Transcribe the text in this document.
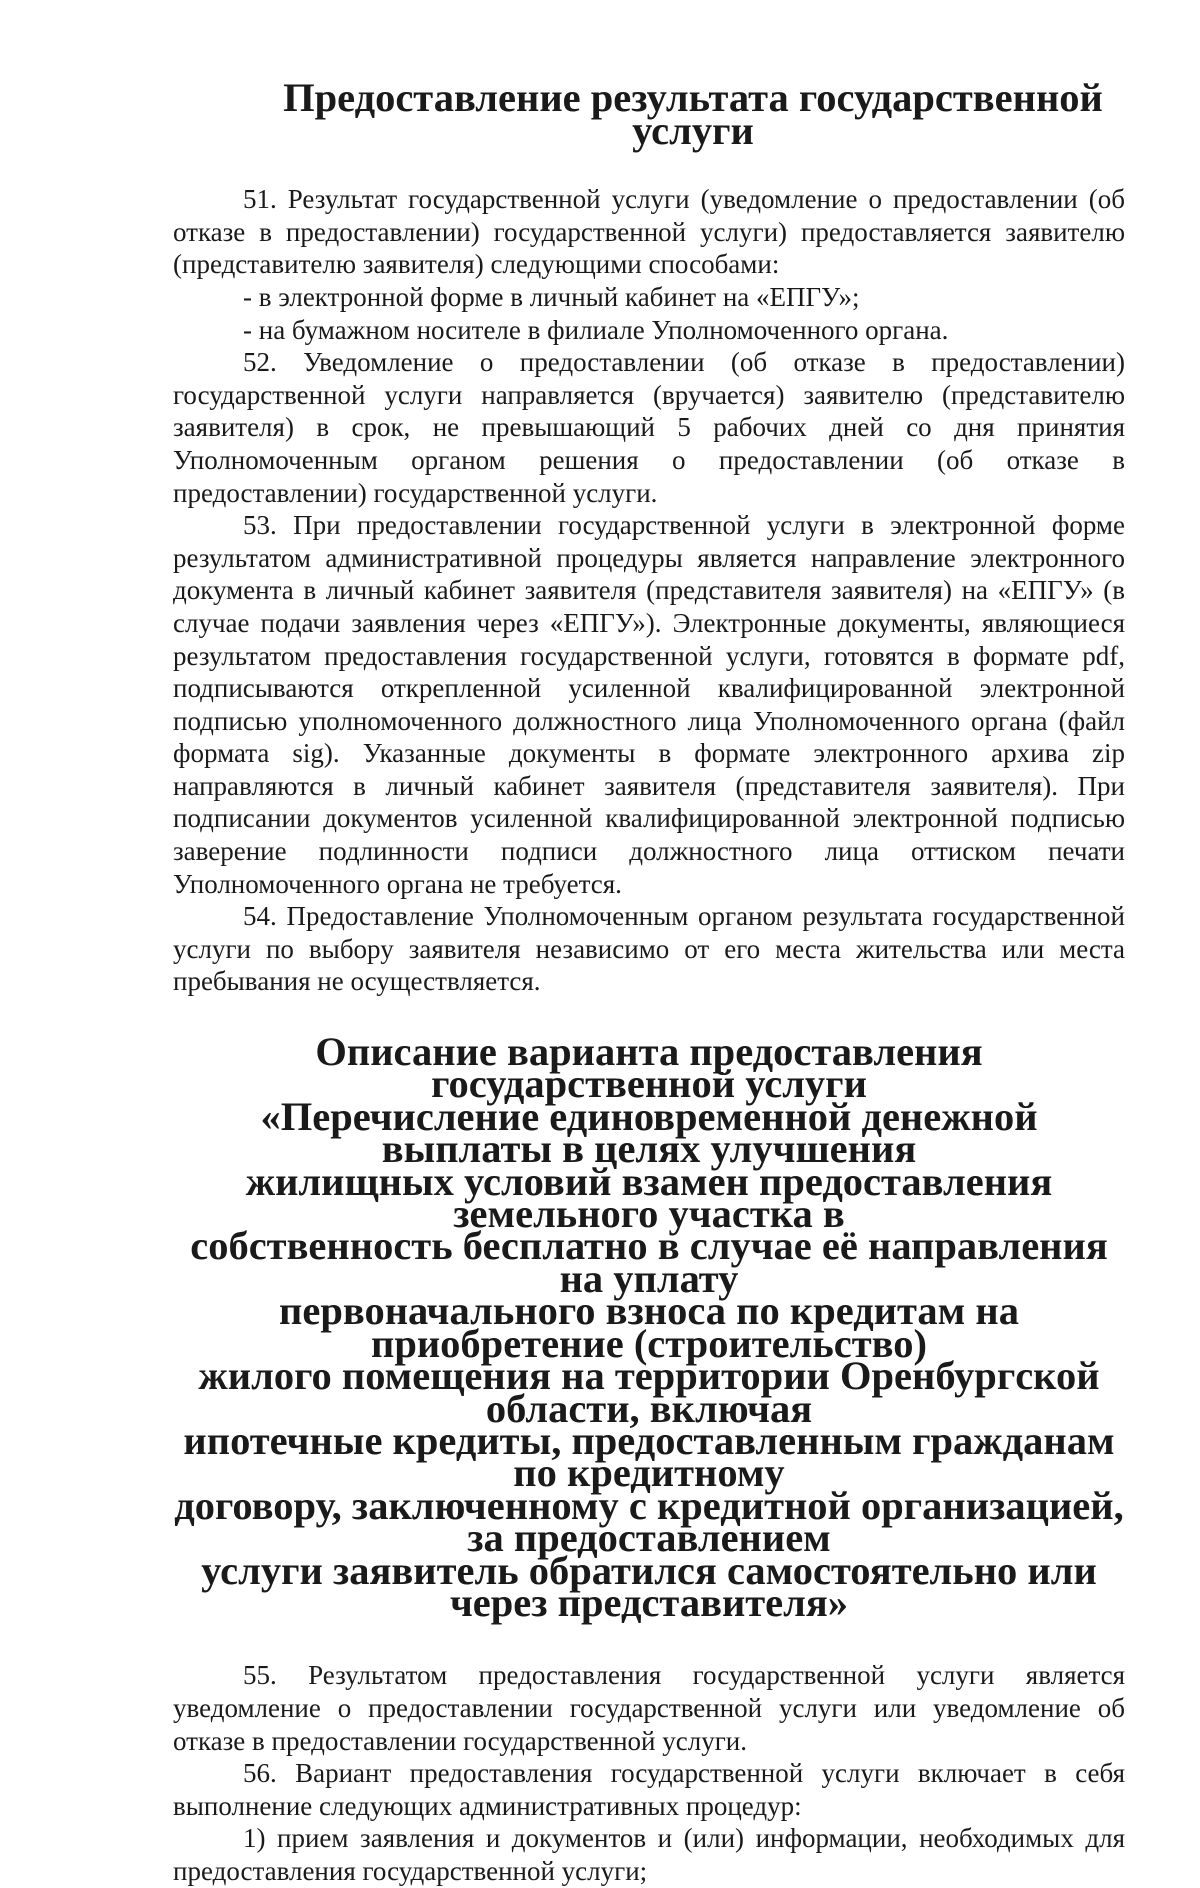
Предоставление результата государственной услуги

51. Результат государственной услуги (уведомление о предоставлении (об отказе в предоставлении) государственной услуги) предоставляется заявителю (представителю заявителя) следующими способами:

- в электронной форме в личный кабинет на «ЕПГУ»;

- на бумажном носителе в филиале Уполномоченного органа.

52. Уведомление о предоставлении (об отказе в предоставлении) государственной услуги направляется (вручается) заявителю (представителю заявителя) в срок, не превышающий 5 рабочих дней со дня принятия Уполномоченным органом решения о предоставлении (об отказе в предоставлении) государственной услуги.

53. При предоставлении государственной услуги в электронной форме результатом административной процедуры является направление электронного документа в личный кабинет заявителя (представителя заявителя) на «ЕПГУ» (в случае подачи заявления через «ЕПГУ»). Электронные документы, являющиеся результатом предоставления государственной услуги, готовятся в формате pdf, подписываются открепленной усиленной квалифицированной электронной подписью уполномоченного должностного лица Уполномоченного органа (файл формата sig). Указанные документы в формате электронного архива zip направляются в личный кабинет заявителя (представителя заявителя). При подписании документов усиленной квалифицированной электронной подписью заверение подлинности подписи должностного лица оттиском печати Уполномоченного органа не требуется.

54. Предоставление Уполномоченным органом результата государственной услуги по выбору заявителя независимо от его места жительства или места пребывания не осуществляется.

Описание варианта предоставления государственной услуги
«Перечисление единовременной денежной выплаты в целях улучшения
жилищных условий взамен предоставления земельного участка в
собственность бесплатно в случае её направления на уплату
первоначального взноса по кредитам на приобретение (строительство)
жилого помещения на территории Оренбургской области, включая
ипотечные кредиты, предоставленным гражданам по кредитному
договору, заключенному с кредитной организацией, за предоставлением
услуги заявитель обратился самостоятельно или через представителя»

55. Результатом предоставления государственной услуги является уведомление о предоставлении государственной услуги или уведомление об отказе в предоставлении государственной услуги.

56. Вариант предоставления государственной услуги включает в себя выполнение следующих административных процедур:

1) прием заявления и документов и (или) информации, необходимых для предоставления государственной услуги;
